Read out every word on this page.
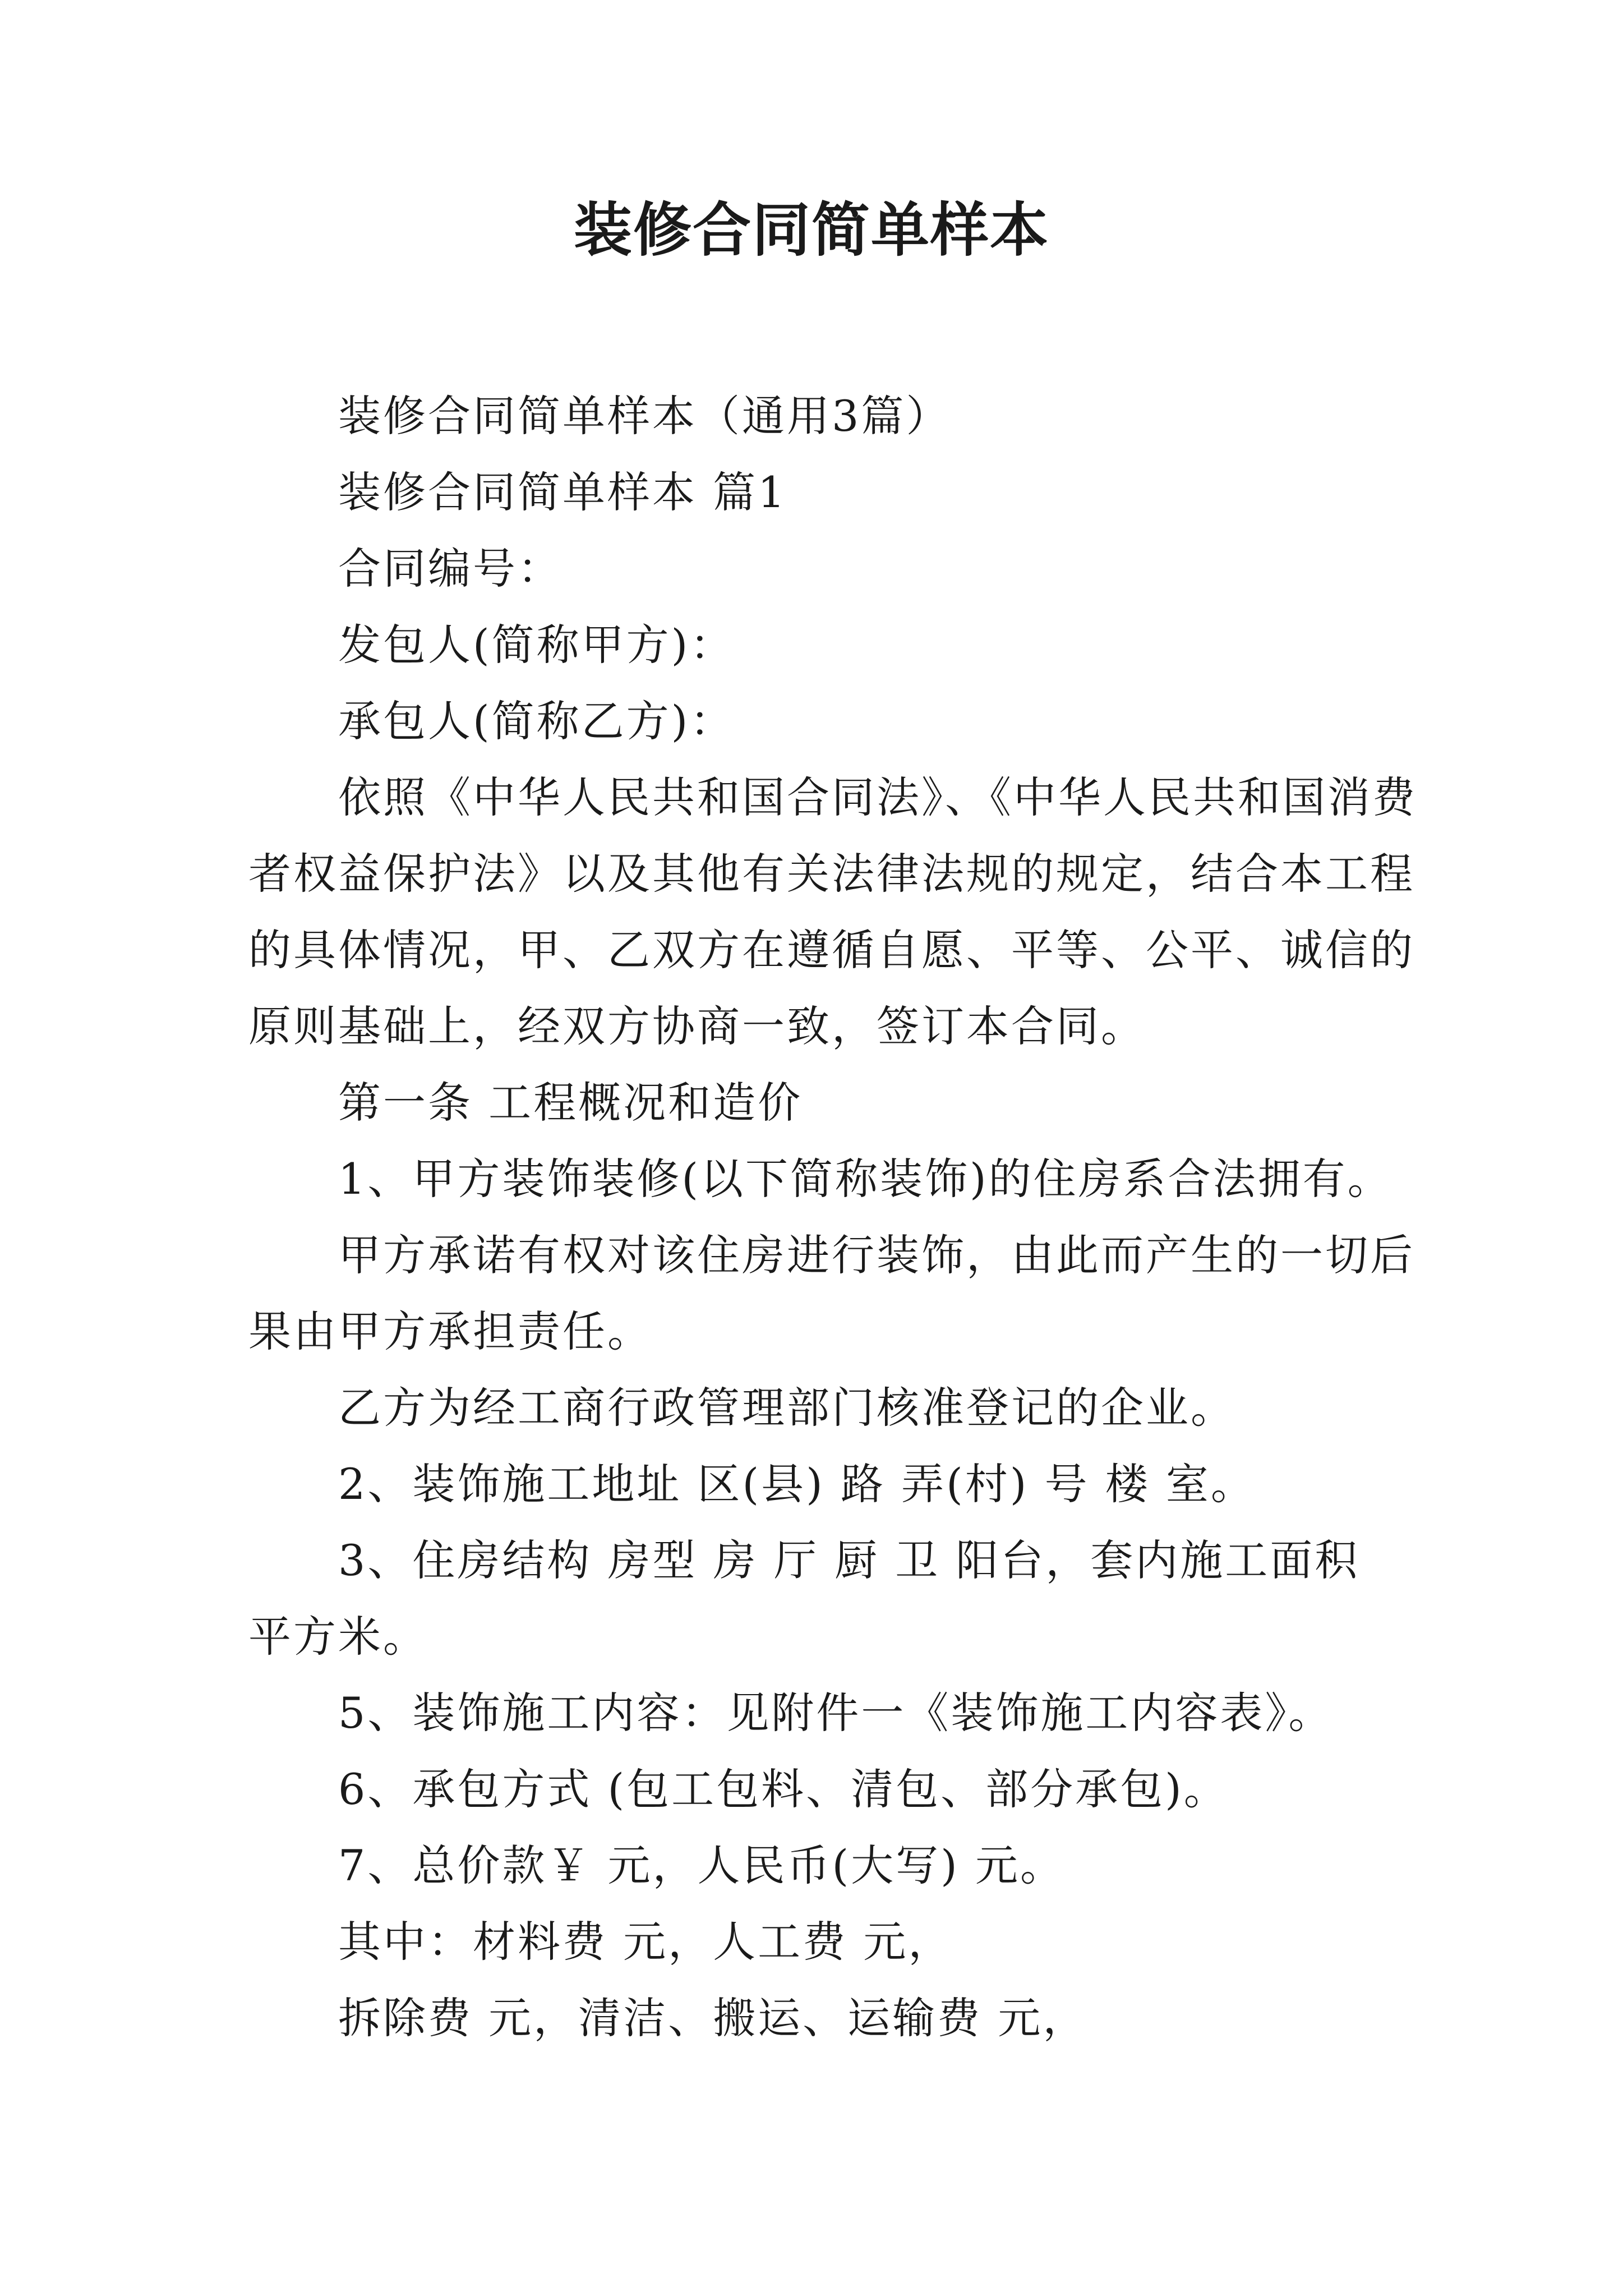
装修合同简单样本

装修合同简单样本（通用3篇）

装修合同简单样本 篇1

合同编号：

发包人(简称甲方)：

承包人(简称乙方)：

依照《中华人民共和国合同法》、《中华人民共和国消费

者权益保护法》以及其他有关法律法规的规定，结合本工程

的具体情况，甲、乙双方在遵循自愿、平等、公平、诚信的

原则基础上，经双方协商一致，签订本合同。

第一条 工程概况和造价

1、甲方装饰装修(以下简称装饰)的住房系合法拥有。

甲方承诺有权对该住房进行装饰，由此而产生的一切后

果由甲方承担责任。

乙方为经工商行政管理部门核准登记的企业。

2、装饰施工地址 区(县) 路 弄(村) 号 楼 室。

3、住房结构 房型 房 厅 厨 卫 阳台，套内施工面积

平方米。

5、装饰施工内容：见附件一《装饰施工内容表》。

6、承包方式 (包工包料、清包、部分承包)。

7、总价款￥ 元，人民币(大写) 元。

其中：材料费 元，人工费 元，

拆除费 元，清洁、搬运、运输费 元，
